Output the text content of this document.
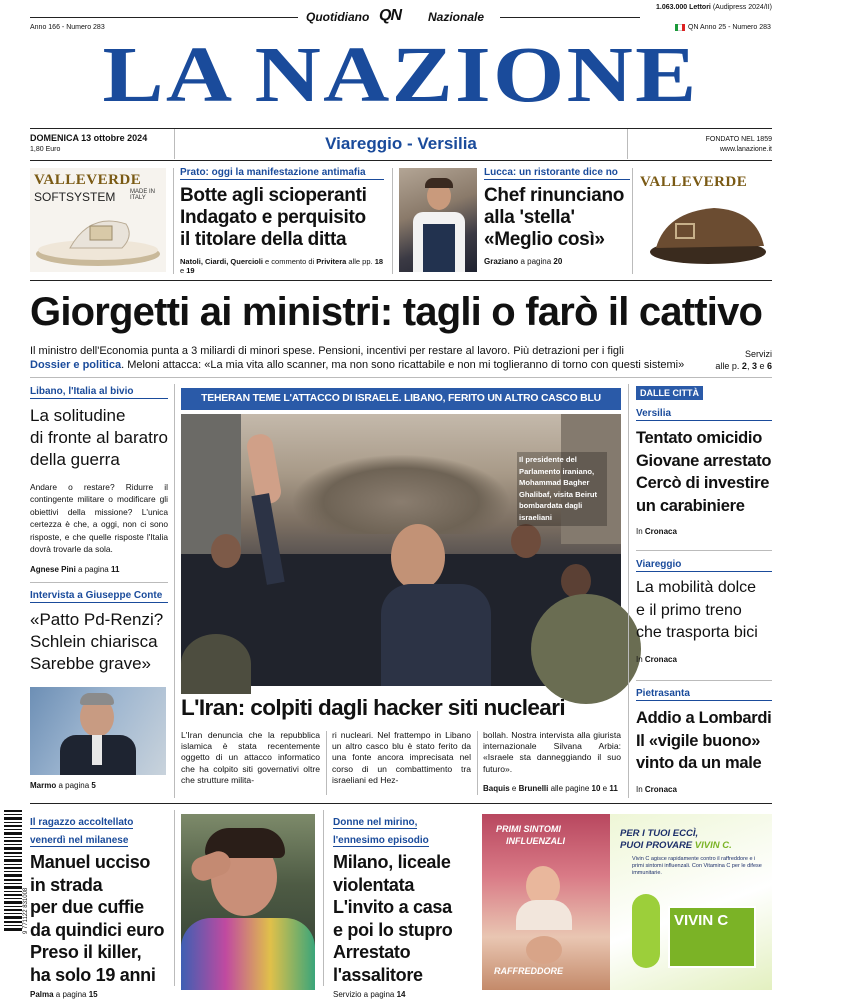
Quotidiano QN Nazionale
1.063.000 Lettori (Audipress 2024/II)
Anno 166 - Numero 283	QN Anno 25 - Numero 283
LA NAZIONE
DOMENICA 13 ottobre 2024
1,80 Euro	Viareggio - Versilia	FONDATO NEL 1859
www.lanazione.it
VALLEVERDE
SOFTSYSTEM MADE IN ITALY
Prato: oggi la manifestazione antimafia
Botte agli scioperanti
Indagato e perquisito
il titolare della ditta
Natoli, Ciardi, Quercioli e commento di Privitera alle pp. 18 e 19
Lucca: un ristorante dice no
Chef rinunciano
alla 'stella'
«Meglio così»
Graziano a pagina 20
VALLEVERDE
Giorgetti ai ministri: tagli o farò il cattivo
Il ministro dell'Economia punta a 3 miliardi di minori spese. Pensioni, incentivi per restare al lavoro. Più detrazioni per i figli
Dossier e politica. Meloni attacca: «La mia vita allo scanner, ma non sono ricattabile e non mi toglieranno di torno con questi sistemi»
Servizi
alle p. 2, 3 e 6
Libano, l'Italia al bivio
La solitudine
di fronte al baratro
della guerra
Andare o restare? Ridurre il contingente militare o modificare gli obiettivi della missione? L'unica certezza è che, a oggi, non ci sono risposte, e che quelle risposte l'Italia dovrà trovarle da sola.
Agnese Pini a pagina 11
Intervista a Giuseppe Conte
«Patto Pd-Renzi?
Schlein chiarisca
Sarebbe grave»
Marmo a pagina 5
TEHERAN TEME L'ATTACCO DI ISRAELE. LIBANO, FERITO UN ALTRO CASCO BLU
Il presidente del Parlamento iraniano, Mohammad Bagher Ghalibaf, visita Beirut bombardata dagli israeliani
L'Iran: colpiti dagli hacker siti nucleari
L'Iran denuncia che la repubblica islamica è stata recentemente oggetto di un attacco informatico che ha colpito siti governativi oltre che strutture milita-
ri nucleari. Nel frattempo in Libano un altro casco blu è stato ferito da una fonte ancora imprecisata nel corso di un combattimento tra israeliani ed Hez-
bollah. Nostra intervista alla giurista internazionale Silvana Arbia: «Israele sta danneggiando il suo futuro».
Baquis e Brunelli alle pagine 10 e 11
DALLE CITTÀ
Versilia
Tentato omicidio
Giovane arrestato
Cercò di investire
un carabiniere
In Cronaca
Viareggio
La mobilità dolce
e il primo treno
che trasporta bici
In Cronaca
Pietrasanta
Addio a Lombardi
Il «vigile buono»
vinto da un male
In Cronaca
9 771122 831008
Il ragazzo accoltellato
venerdì nel milanese
Manuel ucciso
in strada
per due cuffie
da quindici euro
Preso il killer,
ha solo 19 anni
Palma a pagina 15
Donne nel mirino,
l'ennesimo episodio
Milano, liceale
violentata
L'invito a casa
e poi lo stupro
Arrestato
l'assalitore
Servizio a pagina 14
PRIMI SINTOMI
INFLUENZALI
RAFFREDDORE
PER I TUOI ECCÌ,
PUOI PROVARE VIVIN C.
Vivin C agisce rapidamente contro il raffreddore e i primi sintomi influenzali. Con Vitamina C per le difese immunitarie.
VIVIN C
